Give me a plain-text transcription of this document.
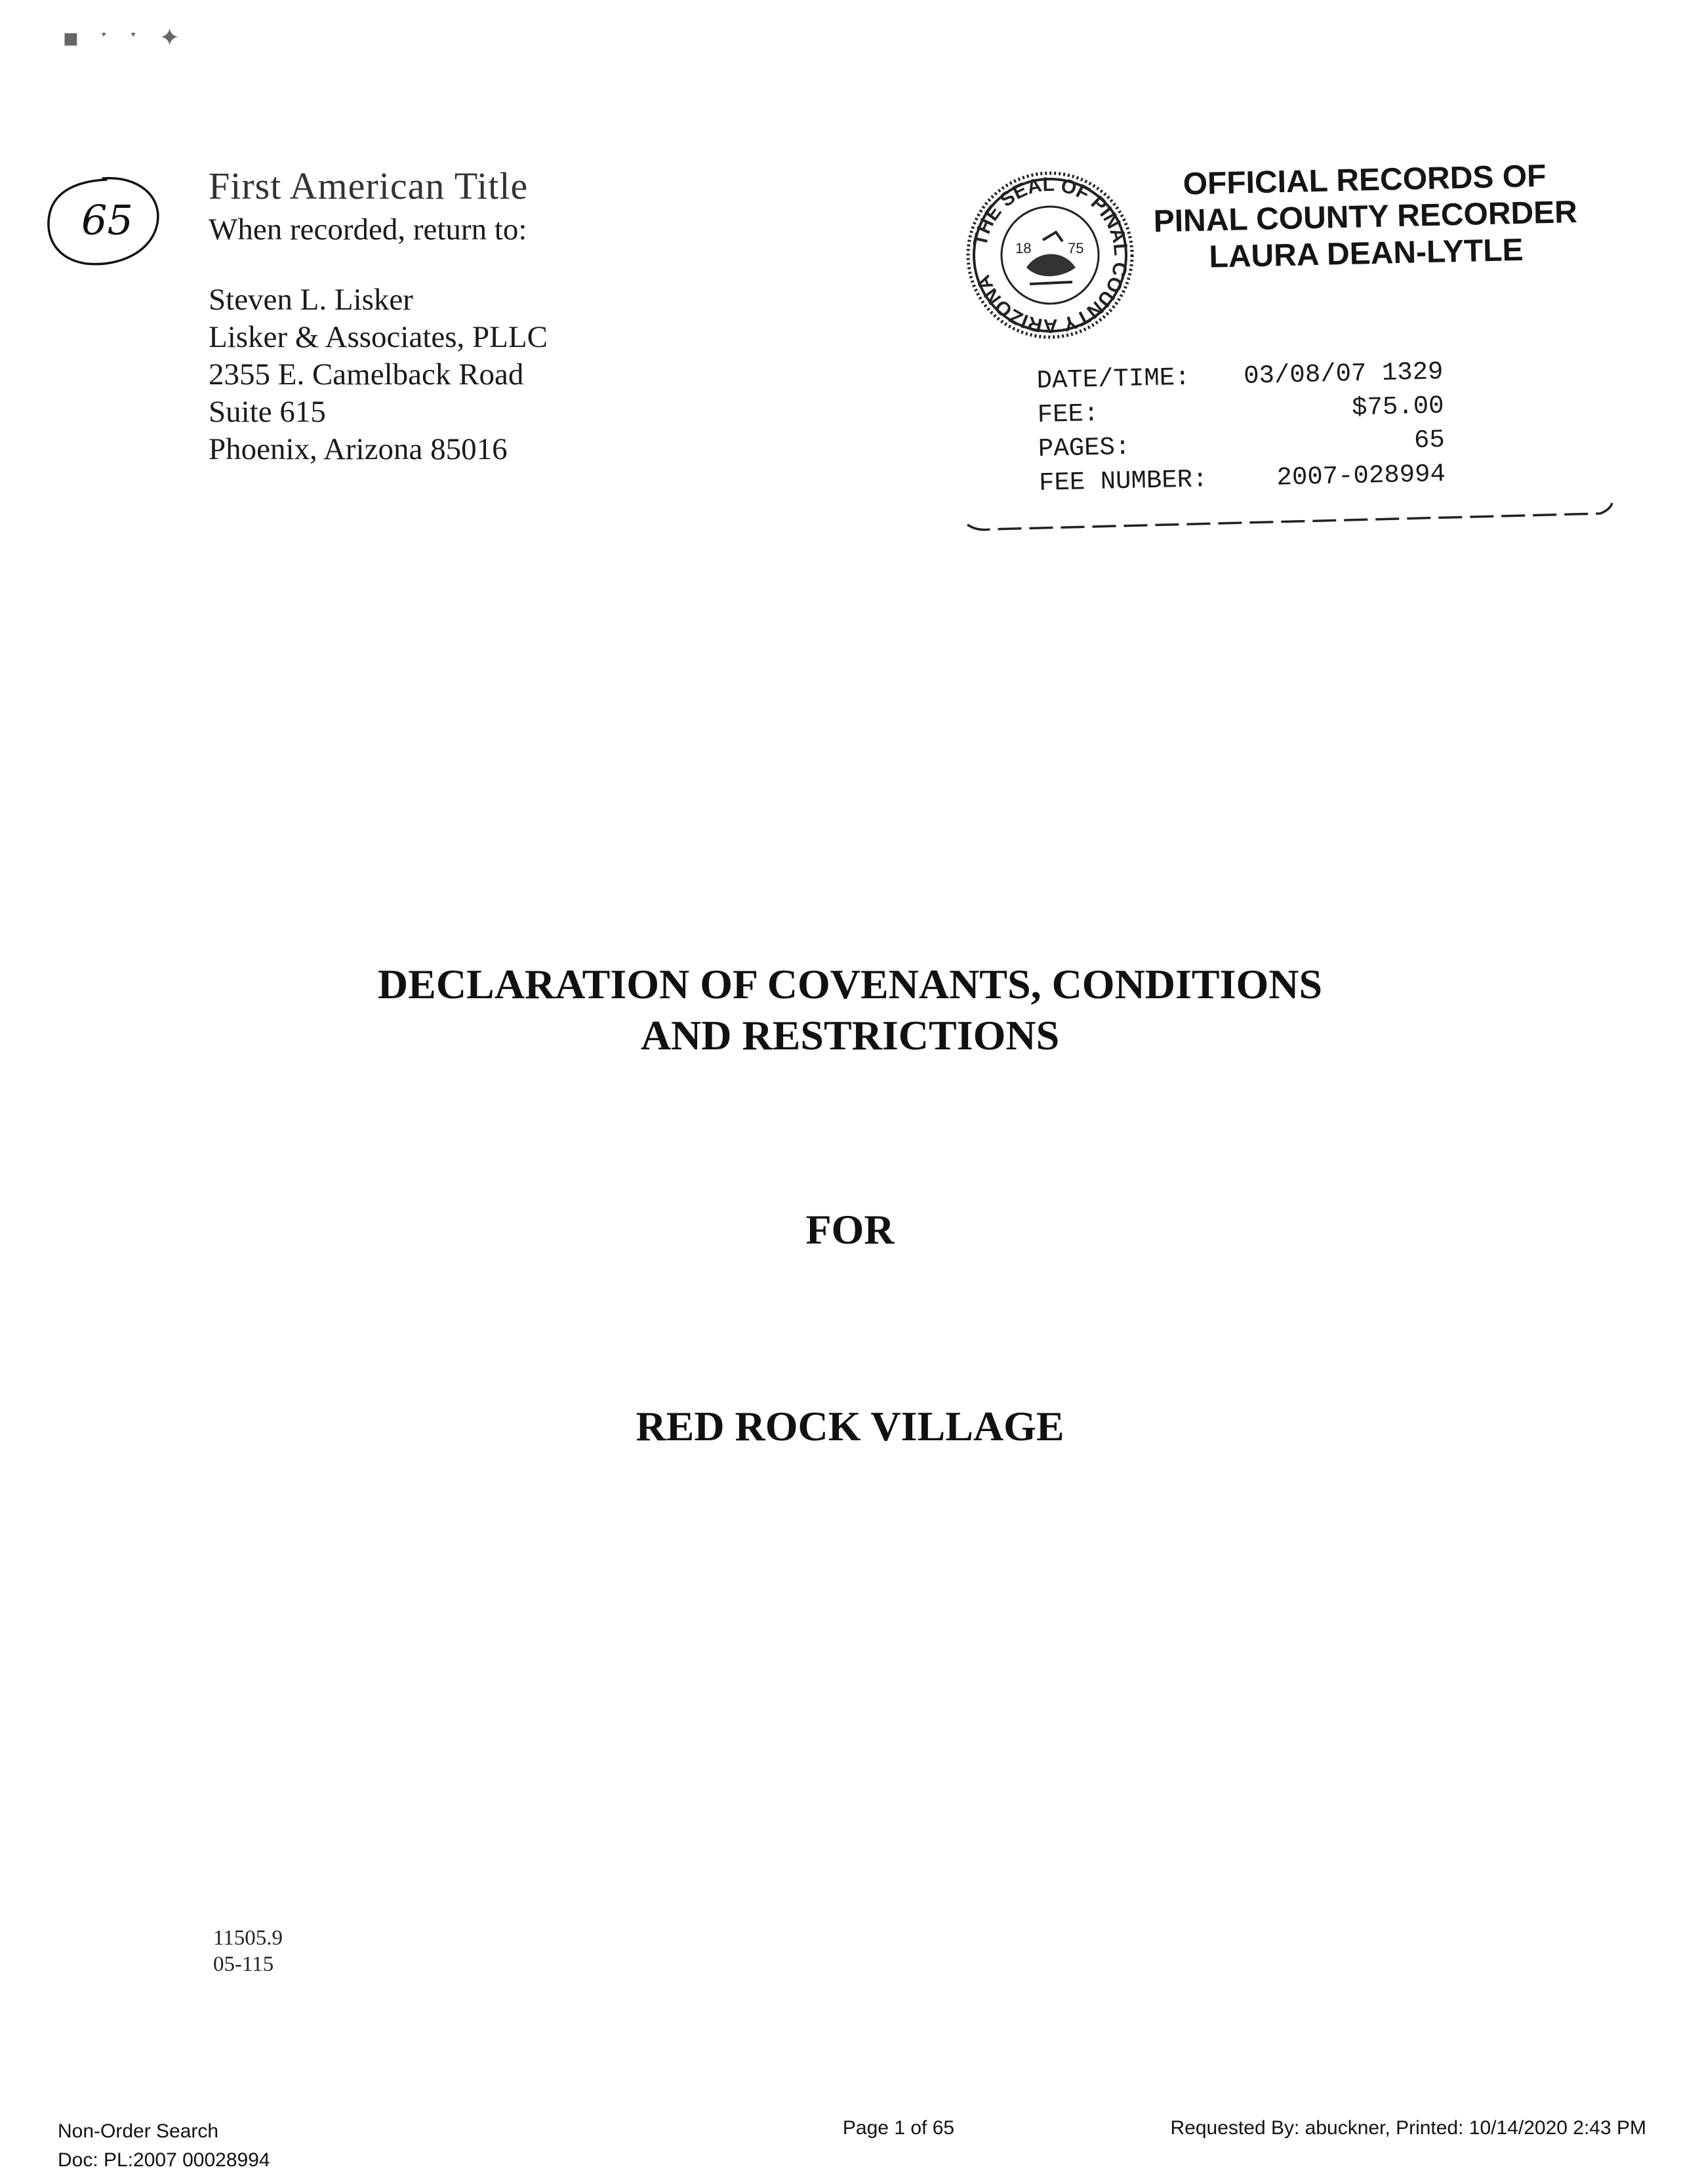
▪ ˑ ˑ ✦
65
First American Title
When recorded, return to:
Steven L. Lisker
Lisker & Associates, PLLC
2355 E. Camelback Road
Suite 615
Phoenix, Arizona 85016
THE SEAL OF PINAL COUNTY ARIZONA
18	75
OFFICIAL RECORDS OF
PINAL COUNTY RECORDER
LAURA DEAN-LYTLE
DATE/TIME: 03/08/07 1329
FEE:	$75.00
PAGES:	65
FEE NUMBER:	2007-028994
DECLARATION OF COVENANTS, CONDITIONS
AND RESTRICTIONS
FOR
RED ROCK VILLAGE
11505.9
05-115
Non-Order Search
Doc: PL:2007 00028994
Page 1 of 65	Requested By: abuckner, Printed: 10/14/2020 2:43 PM
